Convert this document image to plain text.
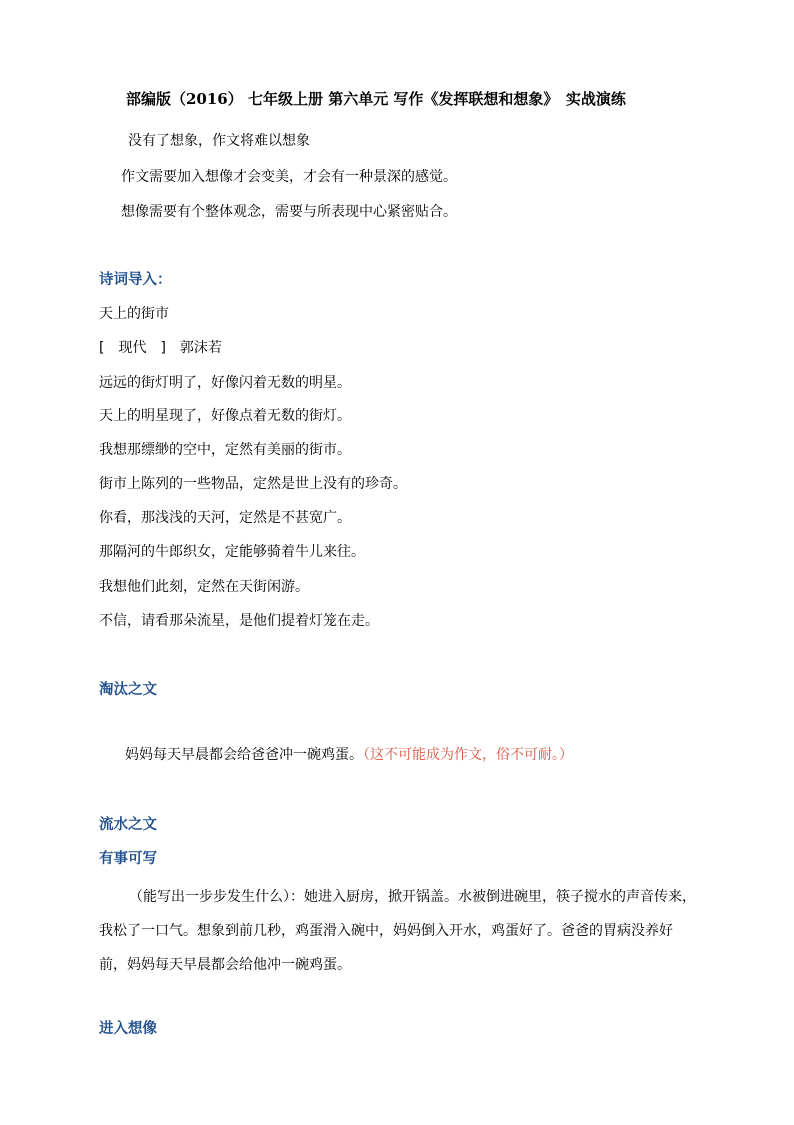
部编版（2016） 七年级上册 第六单元 写作《发挥联想和想象》　实战演练
没有了想象，作文将难以想象
作文需要加入想像才会变美，才会有一种景深的感觉。
想像需要有个整体观念，需要与所表现中心紧密贴合。
诗词导入：
天上的街市
[　现代　]　郭沫若
远远的街灯明了，好像闪着无数的明星。
天上的明星现了，好像点着无数的街灯。
我想那缥缈的空中，定然有美丽的街市。
街市上陈列的一些物品，定然是世上没有的珍奇。
你看，那浅浅的天河，定然是不甚宽广。
那隔河的牛郎织女，定能够骑着牛儿来往。
我想他们此刻，定然在天街闲游。
不信，请看那朵流星，是他们提着灯笼在走。
淘汰之文
妈妈每天早晨都会给爸爸冲一碗鸡蛋。（这不可能成为作文，俗不可耐。）
流水之文
有事可写
（能写出一步步发生什么）：她进入厨房，掀开锅盖。水被倒进碗里，筷子搅水的声音传来，我松了一口气。想象到前几秒，鸡蛋滑入碗中，妈妈倒入开水，鸡蛋好了。爸爸的胃病没养好前，妈妈每天早晨都会给他冲一碗鸡蛋。
进入想像
